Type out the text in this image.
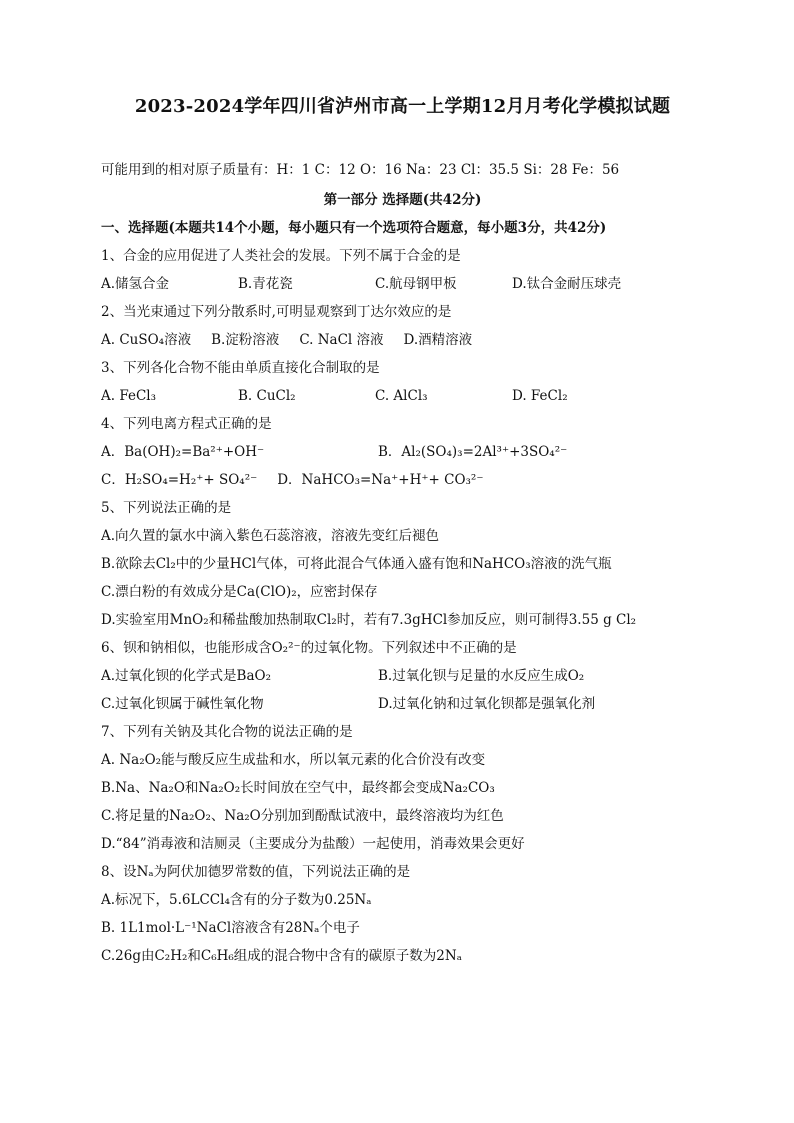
2023-2024学年四川省泸州市高一上学期12月月考化学模拟试题
可能用到的相对原子质量有：H：1 C：12 O：16 Na：23 Cl：35.5 Si：28 Fe：56
第一部分 选择题(共42分)
一、选择题(本题共14个小题，每小题只有一个选项符合题意，每小题3分，共42分)
1、合金的应用促进了人类社会的发展。下列不属于合金的是
A.储氢合金	B.青花瓷	C.航母钢甲板	D.钛合金耐压球壳
2、当光束通过下列分散系时,可明显观察到丁达尔效应的是
A. CuSO₄溶液 B.淀粉溶液 C. NaCl 溶液 D.酒精溶液
3、下列各化合物不能由单质直接化合制取的是
A. FeCl₃	B. CuCl₂	C. AlCl₃	D. FeCl₂
4、下列电离方程式正确的是
A．Ba(OH)₂=Ba²⁺+OH⁻	B．Al₂(SO₄)₃=2Al³⁺+3SO₄²⁻
C．H₂SO₄=H₂⁺+ SO₄²⁻ D．NaHCO₃=Na⁺+H⁺+ CO₃²⁻
5、下列说法正确的是
A.向久置的氯水中滴入紫色石蕊溶液，溶液先变红后褪色
B.欲除去Cl₂中的少量HCl气体，可将此混合气体通入盛有饱和NaHCO₃溶液的洗气瓶
C.漂白粉的有效成分是Ca(ClO)₂，应密封保存
D.实验室用MnO₂和稀盐酸加热制取Cl₂时，若有7.3gHCl参加反应，则可制得3.55 g Cl₂
6、钡和钠相似，也能形成含O₂²⁻的过氧化物。下列叙述中不正确的是
A.过氧化钡的化学式是BaO₂	B.过氧化钡与足量的水反应生成O₂
C.过氧化钡属于碱性氧化物	D.过氧化钠和过氧化钡都是强氧化剂
7、下列有关钠及其化合物的说法正确的是
A. Na₂O₂能与酸反应生成盐和水，所以氧元素的化合价没有改变
B.Na、Na₂O和Na₂O₂长时间放在空气中，最终都会变成Na₂CO₃
C.将足量的Na₂O₂、Na₂O分别加到酚酞试液中，最终溶液均为红色
D.“84”消毒液和洁厕灵（主要成分为盐酸）一起使用，消毒效果会更好
8、设Nₐ为阿伏加德罗常数的值，下列说法正确的是
A.标况下，5.6LCCl₄含有的分子数为0.25Nₐ
B. 1L1mol·L⁻¹NaCl溶液含有28Nₐ个电子
C.26g由C₂H₂和C₆H₆组成的混合物中含有的碳原子数为2Nₐ
